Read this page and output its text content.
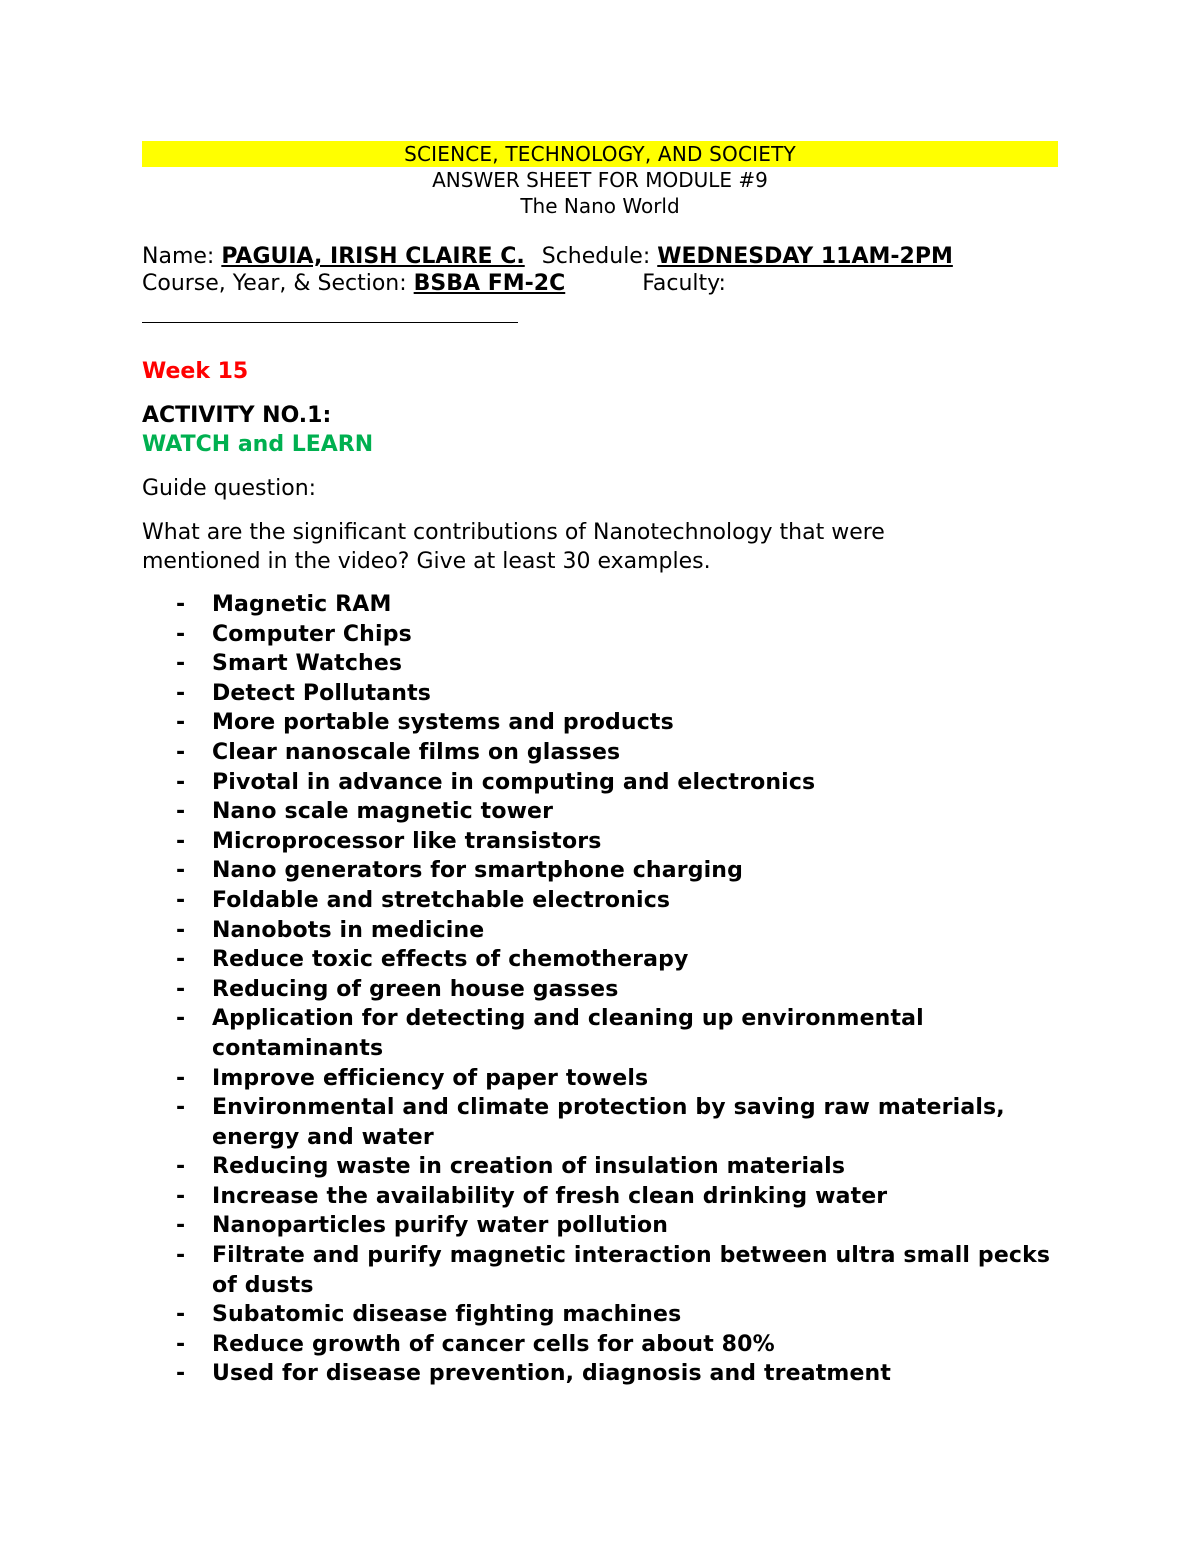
SCIENCE, TECHNOLOGY, AND SOCIETY
ANSWER SHEET FOR MODULE #9
The Nano World
Name: PAGUIA, IRISH CLAIRE C. Schedule: WEDNESDAY 11AM-2PM
Course, Year, & Section: BSBA FM-2C	Faculty:
Week 15
ACTIVITY NO.1:
WATCH and LEARN
Guide question:
What are the significant contributions of Nanotechnology that were mentioned in the video? Give at least 30 examples.
-	Magnetic RAM
-	Computer Chips
-	Smart Watches
-	Detect Pollutants
-	More portable systems and products
-	Clear nanoscale films on glasses
-	Pivotal in advance in computing and electronics
-	Nano scale magnetic tower
-	Microprocessor like transistors
-	Nano generators for smartphone charging
-	Foldable and stretchable electronics
-	Nanobots in medicine
-	Reduce toxic effects of chemotherapy
-	Reducing of green house gasses
-	Application for detecting and cleaning up environmental contaminants
-	Improve efficiency of paper towels
-	Environmental and climate protection by saving raw materials, energy and water
-	Reducing waste in creation of insulation materials
-	Increase the availability of fresh clean drinking water
-	Nanoparticles purify water pollution
-	Filtrate and purify magnetic interaction between ultra small pecks of dusts
-	Subatomic disease fighting machines
-	Reduce growth of cancer cells for about 80%
-	Used for disease prevention, diagnosis and treatment
